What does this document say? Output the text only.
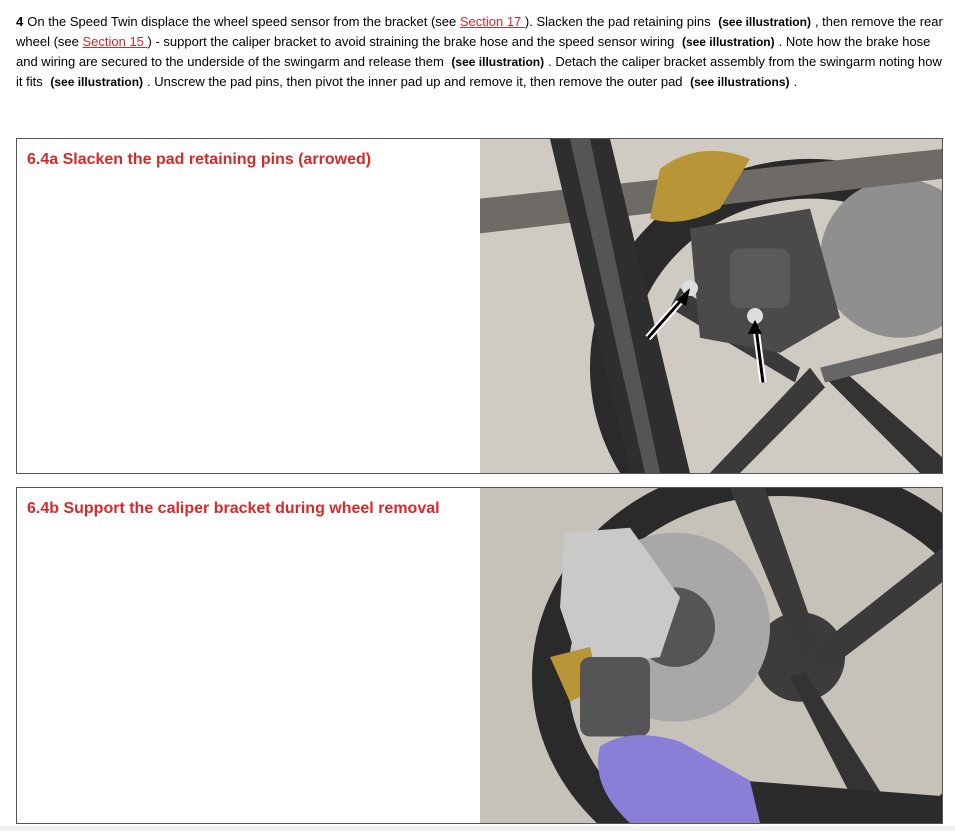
4 On the Speed Twin displace the wheel speed sensor from the bracket (see Section 17 ). Slacken the pad retaining pins (see illustration) , then remove the rear wheel (see Section 15 ) - support the caliper bracket to avoid straining the brake hose and the speed sensor wiring (see illustration) . Note how the brake hose and wiring are secured to the underside of the swingarm and release them (see illustration) . Detach the caliper bracket assembly from the swingarm noting how it fits (see illustration) . Unscrew the pad pins, then pivot the inner pad up and remove it, then remove the outer pad (see illustrations) .
6.4a Slacken the pad retaining pins (arrowed)
6.4b Support the caliper bracket during wheel removal
